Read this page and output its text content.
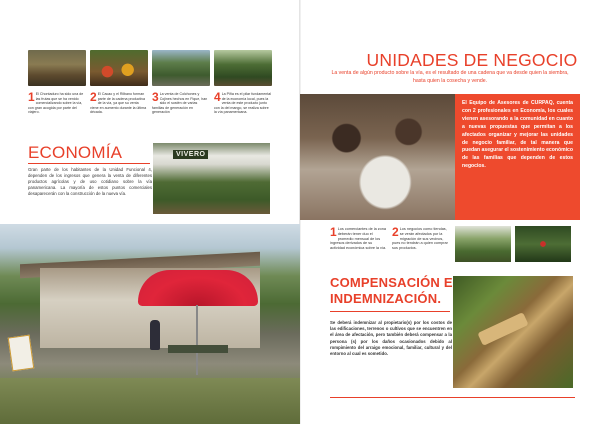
1 El Chontaduro ha sido una de las frutas que se ha venido comercializando sobre la vía, con gran acogida por parte del viajero.
2 El Cacao y el Rilbano forman parte de la cadena productiva de la vía, ya que su venta viene en aumento durante la última década.
3 La venta de Colchones y Cojines hechos en Fique, han sido el sostén de varias familias de generación en generación
4 La Piña es el pilar fundamental de la economía local, pues la venta de este producto junto con la del mango, se realiza sobre la vía panamericana.
ECONOMÍA

Gran parte de los habitantes de la Unidad Funcional 4, dependen de los ingresos que genera la venta de diferentes productos agrícolas y de uso cotidiano sobre la vía panamericana. La mayoría de estos puntos comerciales desaparecerán con la construcción de la nueva vía.

VIVERO
UNIDADES DE NEGOCIO

La venta de algún producto sobre la vía, es el resultado de una cadena que va desde quien la siembra, hasta quien la cosecha y vende.

El Equipo de Asesores de CURPAQ, cuenta con 2 profesionales en Economía, los cuales vienen asesorando a la comunidad en cuanto a nuevas propuestas que permitan a los afectados organizar y mejorar las unidades de negocio familiar, de tal manera que puedan asegurar el sostenimiento económico de las familias que dependen de estos negocios.

1 Los comerciantes de la zona deberán tener duo el promedio mensual de los ingresos derivados de su actividad económica sobre la vía.
2 Los negocios como tiendas, se verán afectados por la migración de sus vecinos, pues no tendrán a quien comprar sus productos.
COMPENSACIÓN E INDEMNIZACIÓN.

Se deberá indemnizar al propietario(s) por los costos de las edificaciones, terrenos o cultivos que se encuentren en el área de afectación, pero también deberá compensar a la persona (s) por los daños ocasionados debido al rompimiento del arraigo emocional, familiar, cultural y del entorno al cual es sometido.
